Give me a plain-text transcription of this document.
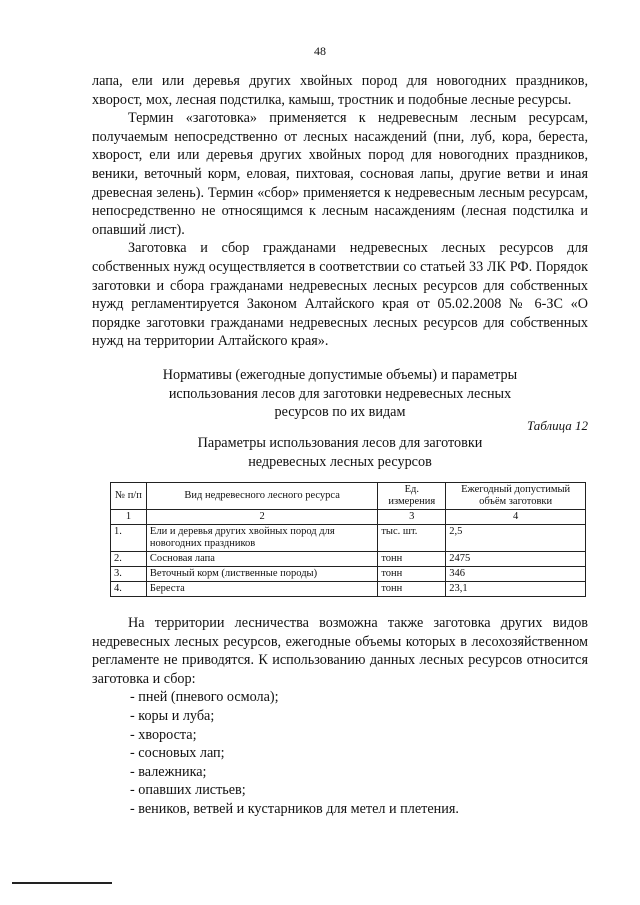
48

лапа, ели или деревья других хвойных пород для новогодних праздников, хворост, мох, лесная подстилка, камыш, тростник и подобные лесные ресурсы.

Термин «заготовка» применяется к недревесным лесным ресурсам, получаемым непосредственно от лесных насаждений (пни, луб, кора, береста, хворост, ели или деревья других хвойных пород для новогодних праздников, веники, веточный корм, еловая, пихтовая, сосновая лапы, другие ветви и иная древесная зелень). Термин «сбор» применяется к недревесным лесным ресурсам, непосредственно не относящимся к лесным насаждениям (лесная подстилка и опавший лист).

Заготовка и сбор гражданами недревесных лесных ресурсов для собственных нужд осуществляется в соответствии со статьей 33 ЛК РФ. Порядок заготовки и сбора гражданами недревесных лесных ресурсов для собственных нужд регламентируется Законом Алтайского края от 05.02.2008 № 6-ЗС «О порядке заготовки гражданами недревесных лесных ресурсов для собственных нужд на территории Алтайского края».

Нормативы (ежегодные допустимые объемы) и параметры

использования лесов для заготовки недревесных лесных

ресурсов по их видам

Таблица 12
Параметры использования лесов для заготовки
недревесных лесных ресурсов
№ п/п	Вид недревесного лесного ресурса	Ед. измерения	Ежегодный допустимый объём заготовки
1	2	3	4
1.	Ели и деревья других хвойных пород для новогодних праздников	тыс. шт.	2,5
2.	Сосновая лапа	тонн	2475
3.	Веточный корм (лиственные породы)	тонн	346
4.	Береста	тонн	23,1

На территории лесничества возможна также заготовка других видов недревесных лесных ресурсов, ежегодные объемы которых в лесохозяйственном регламенте не приводятся. К использованию данных лесных ресурсов относится заготовка и сбор:

- пней (пневого осмола);
- коры и луба;
- хвороста;
- сосновых лап;
- валежника;
- опавших листьев;
- веников, ветвей и кустарников для метел и плетения.
